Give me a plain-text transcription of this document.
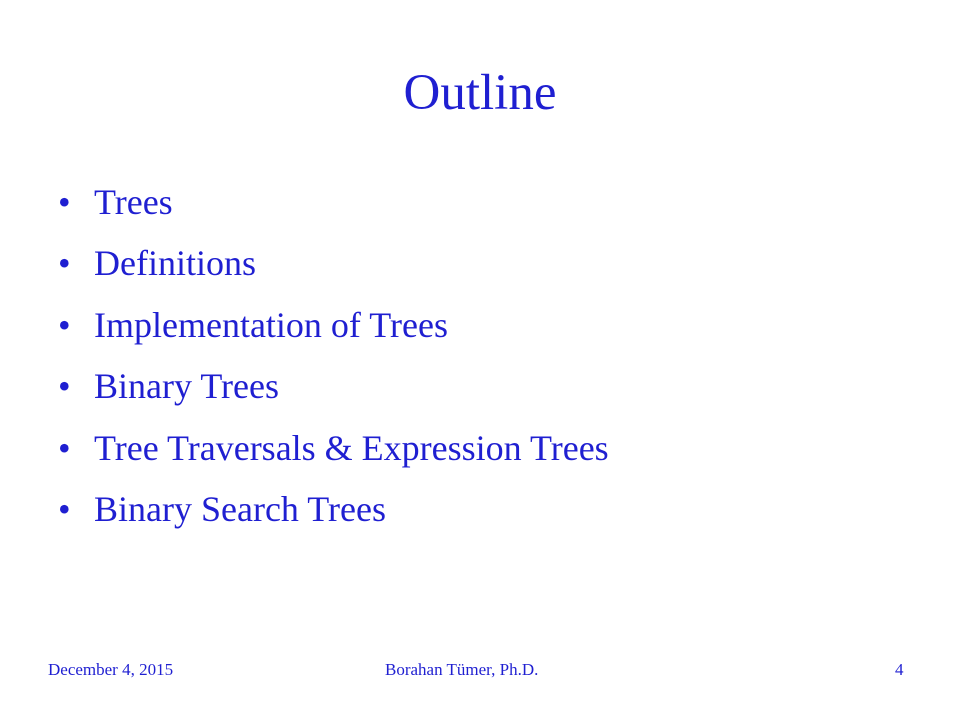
Outline
• Trees
• Definitions
• Implementation of Trees
• Binary Trees
• Tree Traversals & Expression Trees
• Binary Search Trees
December 4, 2015	Borahan Tümer, Ph.D.	4
